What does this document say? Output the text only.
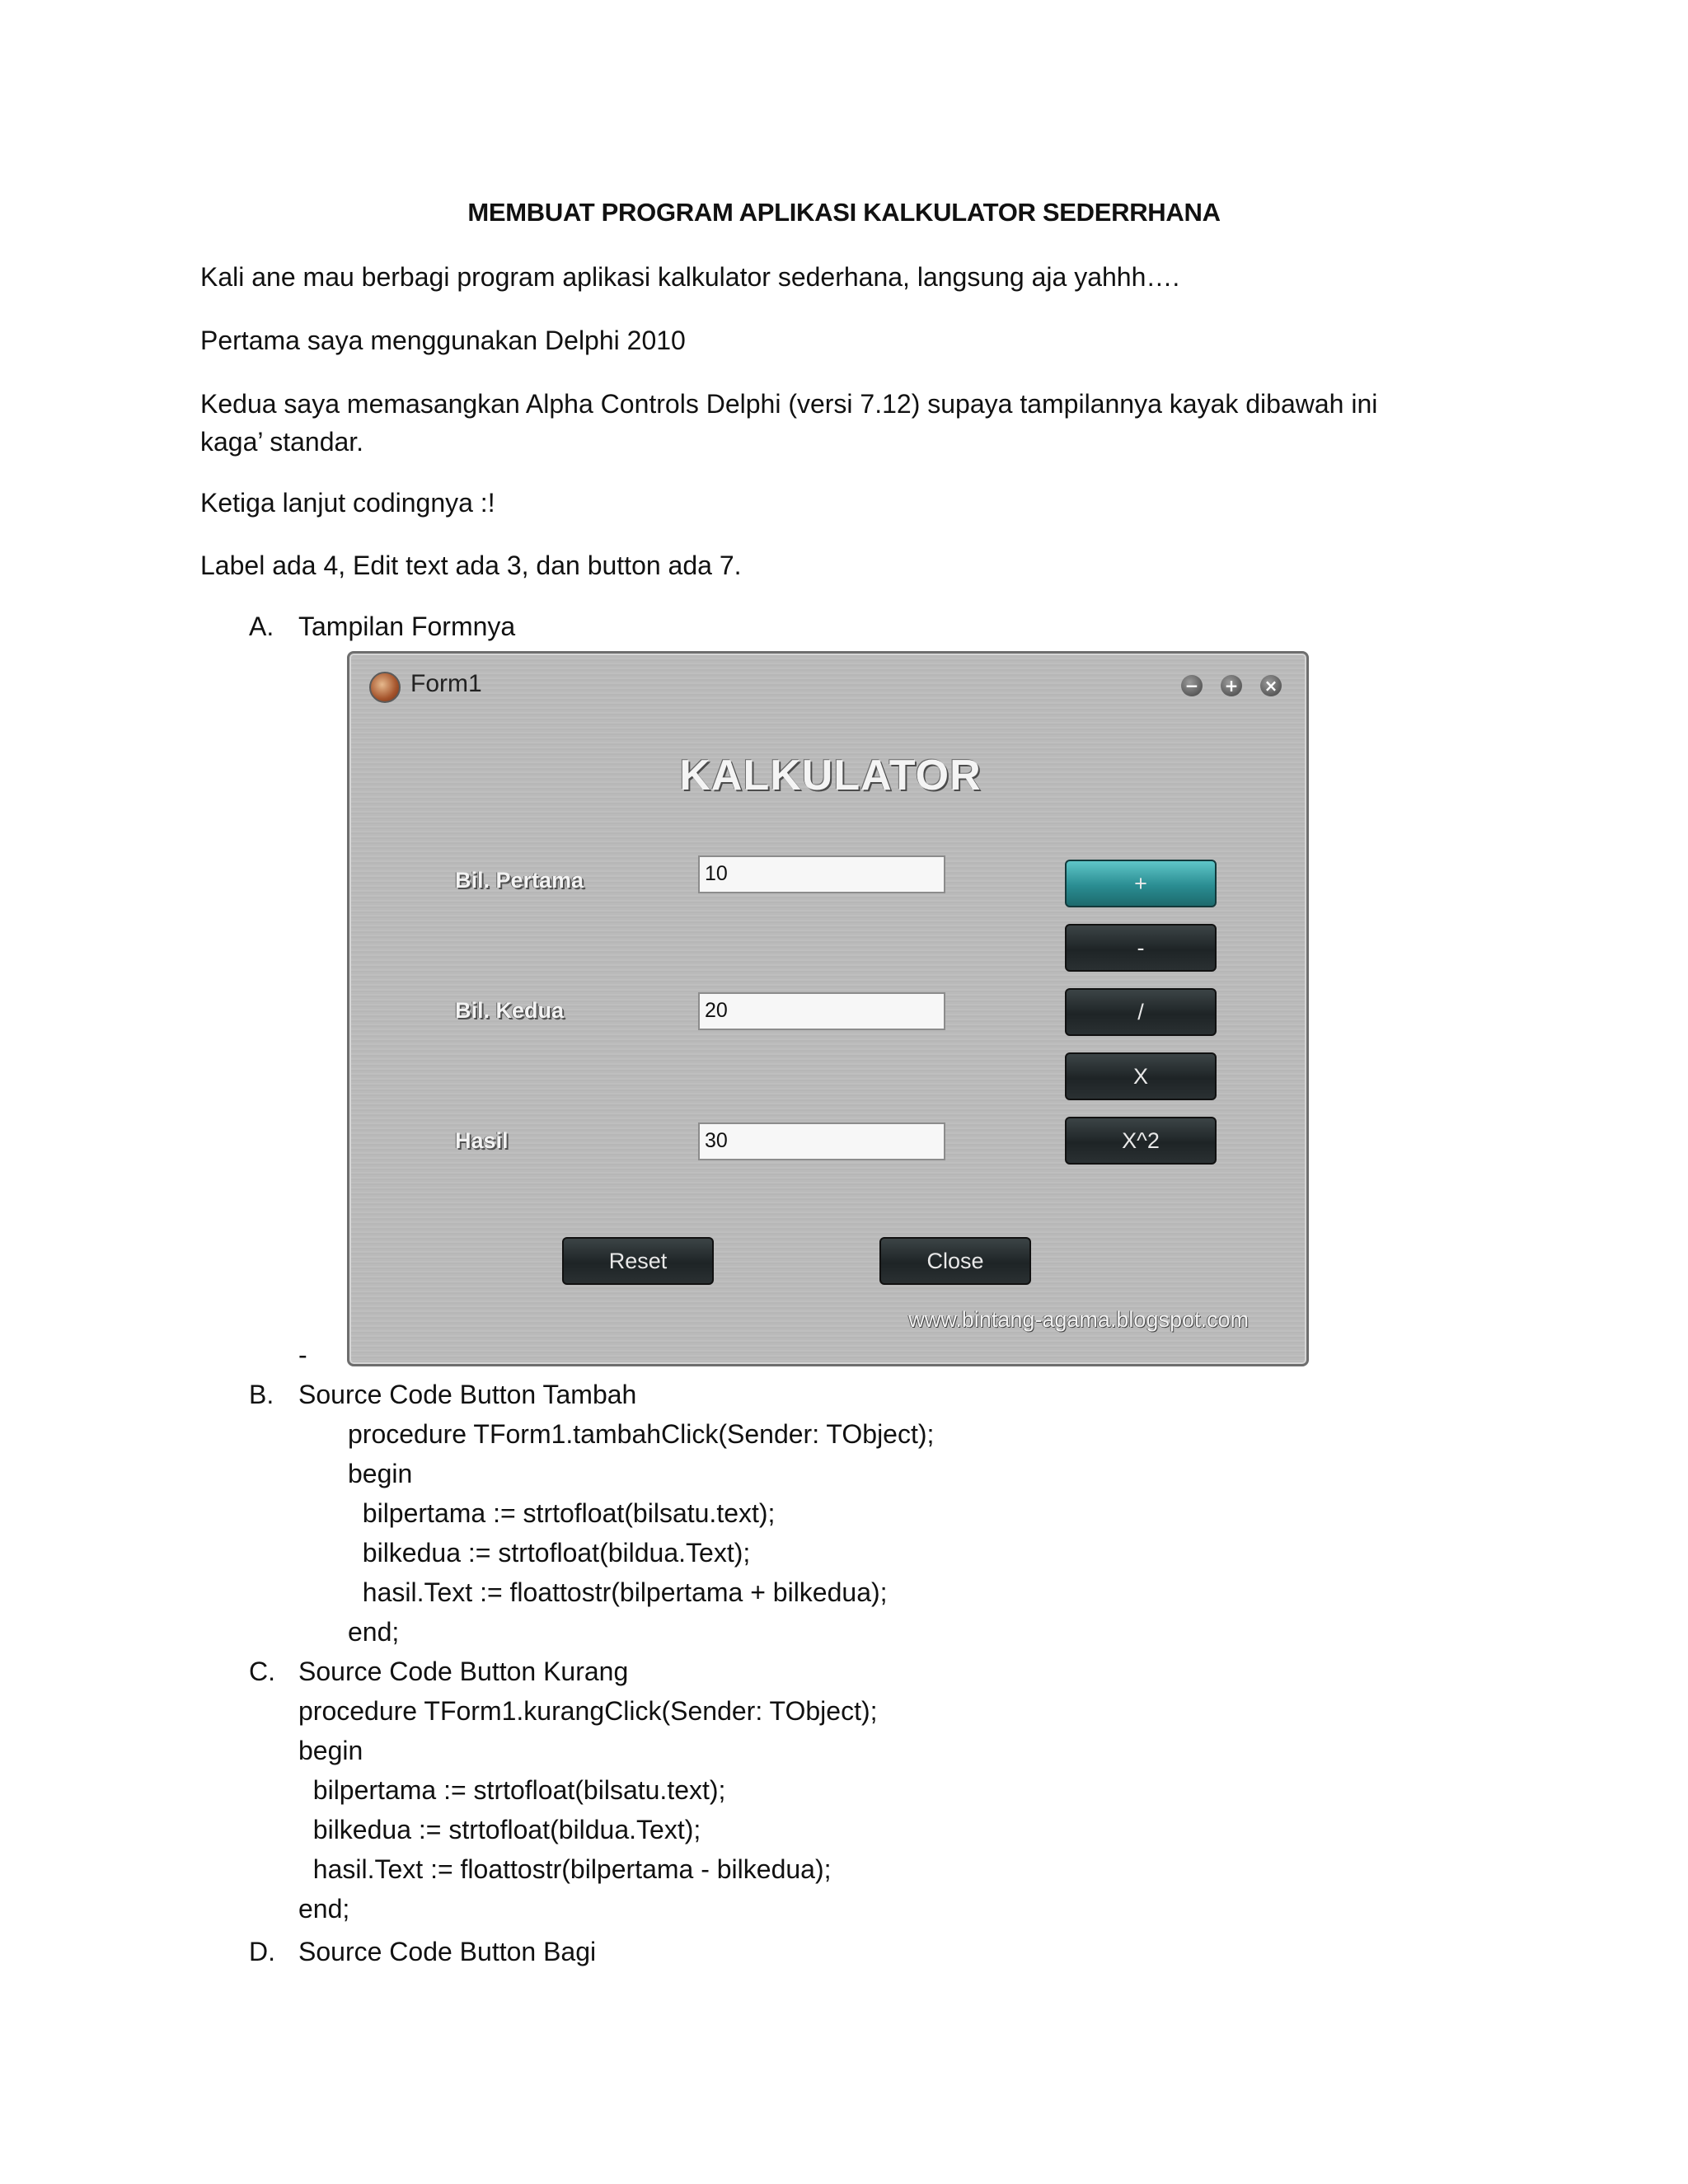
MEMBUAT PROGRAM APLIKASI KALKULATOR SEDERRHANA
Kali ane mau berbagi program aplikasi kalkulator sederhana, langsung aja yahhh….
Pertama saya menggunakan Delphi 2010
Kedua saya memasangkan Alpha Controls Delphi (versi 7.12) supaya tampilannya kayak dibawah ini
kaga’ standar.
Ketiga lanjut codingnya :!
Label ada 4, Edit text ada 3, dan button ada 7.
A. Tampilan Formnya
Form1	− + ×
KALKULATOR
Bil. Pertama
Bil. Kedua
Hasil
10
20
30
+
-
/
X
X^2
Reset	Close
www.bintang-agama.blogspot.com
-
B. Source Code Button Tambah
procedure TForm1.tambahClick(Sender: TObject);
begin
bilpertama := strtofloat(bilsatu.text);
bilkedua := strtofloat(bildua.Text);
hasil.Text := floattostr(bilpertama + bilkedua);
end;
C. Source Code Button Kurang
procedure TForm1.kurangClick(Sender: TObject);
begin
bilpertama := strtofloat(bilsatu.text);
bilkedua := strtofloat(bildua.Text);
hasil.Text := floattostr(bilpertama - bilkedua);
end;
D. Source Code Button Bagi
